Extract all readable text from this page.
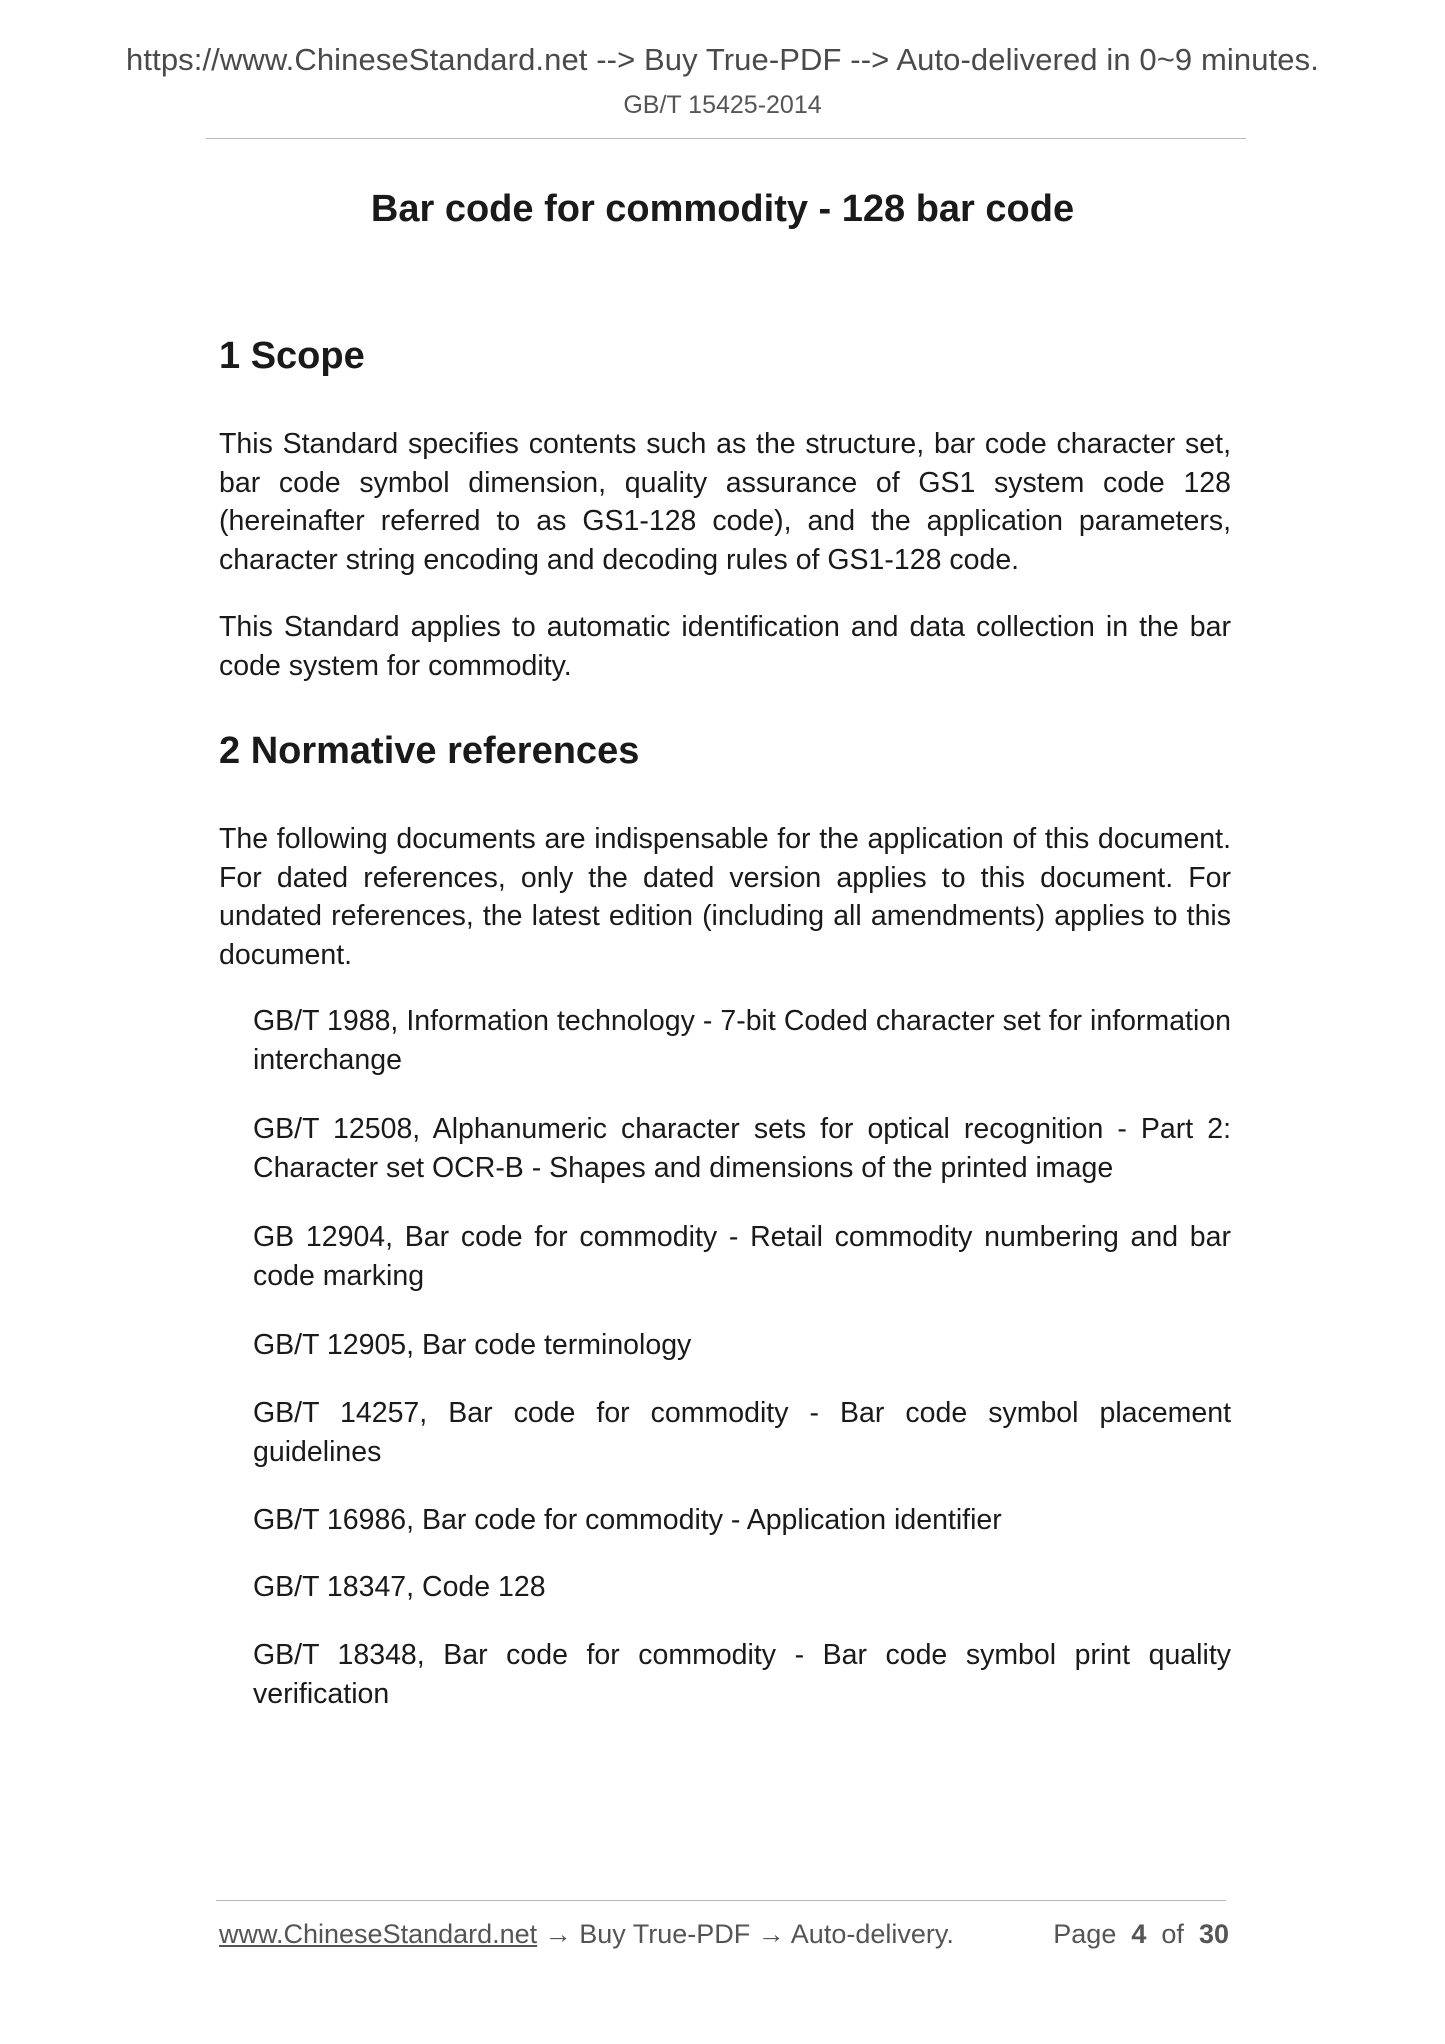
https://www.ChineseStandard.net --> Buy True-PDF --> Auto-delivered in 0~9 minutes.
GB/T 15425-2014
Bar code for commodity - 128 bar code
1 Scope

This Standard specifies contents such as the structure, bar code character set, bar code symbol dimension, quality assurance of GS1 system code 128 (hereinafter referred to as GS1-128 code), and the application parameters, character string encoding and decoding rules of GS1-128 code.

This Standard applies to automatic identification and data collection in the bar code system for commodity.

2 Normative references

The following documents are indispensable for the application of this document. For dated references, only the dated version applies to this document. For undated references, the latest edition (including all amendments) applies to this document.

GB/T 1988, Information technology - 7-bit Coded character set for information interchange

GB/T 12508, Alphanumeric character sets for optical recognition - Part 2: Character set OCR-B - Shapes and dimensions of the printed image

GB 12904, Bar code for commodity - Retail commodity numbering and bar code marking

GB/T 12905, Bar code terminology

GB/T 14257, Bar code for commodity - Bar code symbol placement guidelines

GB/T 16986, Bar code for commodity - Application identifier

GB/T 18347, Code 128

GB/T 18348, Bar code for commodity - Bar code symbol print quality verification

www.ChineseStandard.net → Buy True-PDF → Auto-delivery.	Page 4 of 30
